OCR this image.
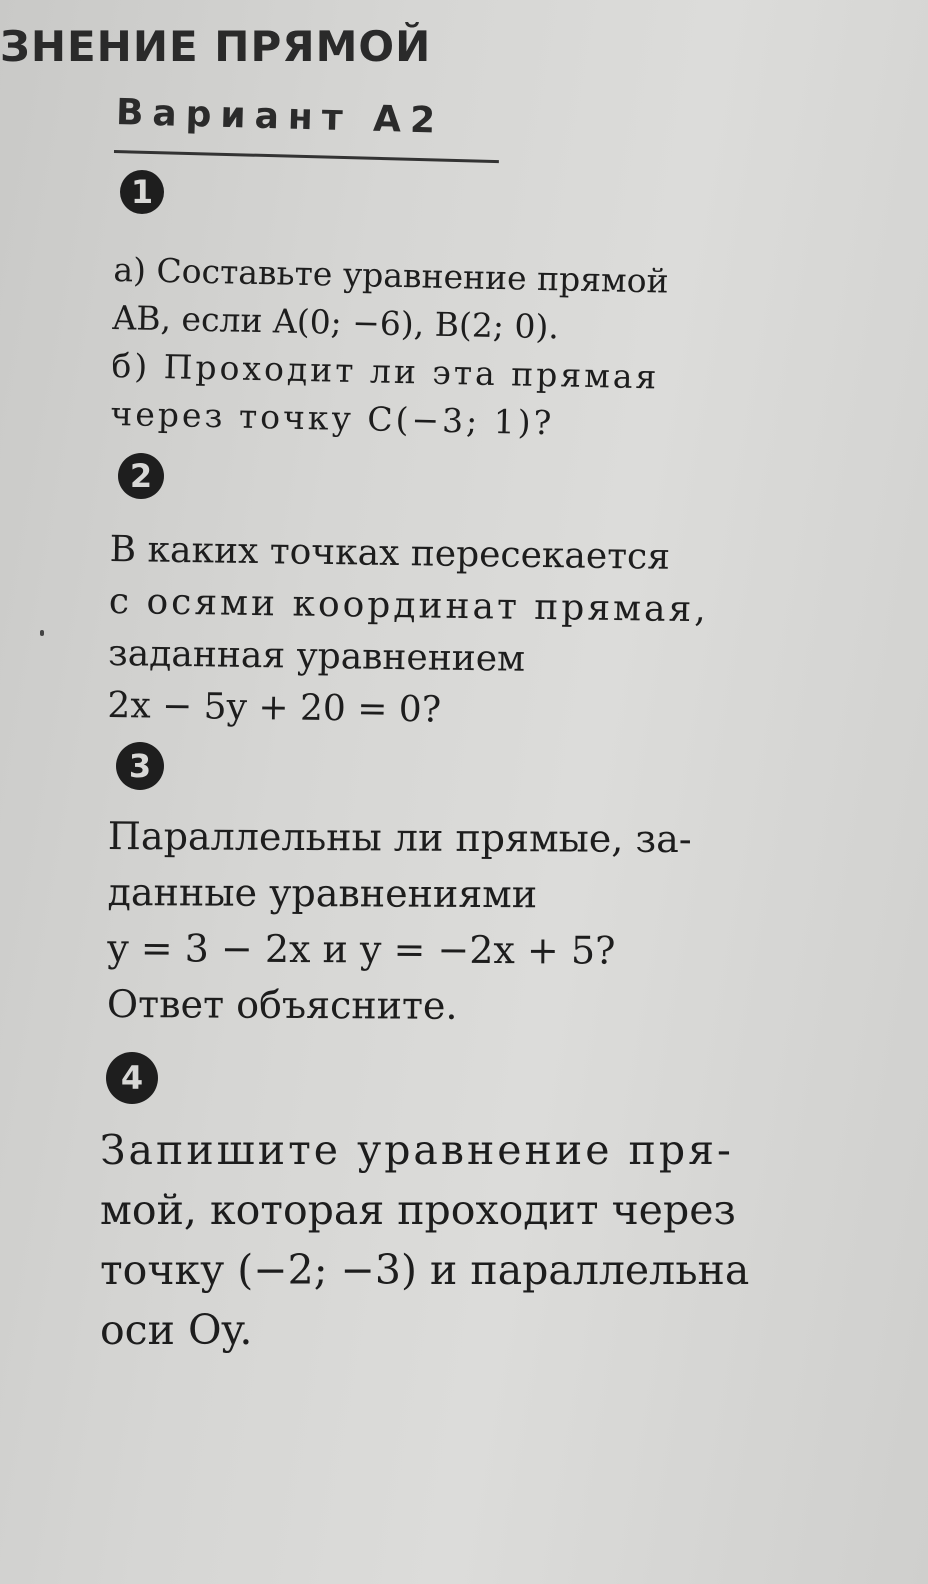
ЗНЕНИЕ ПРЯМОЙ
Вариант А2
1
а) Составьте уравнение прямой
AB, если A(0; −6), B(2; 0).
б) Проходит ли эта прямая
через точку C(−3; 1)?
2
В каких точках пересекается
с осями координат прямая,
заданная уравнением
2x − 5y + 20 = 0?
3
Параллельны ли прямые, за-
данные уравнениями
y = 3 − 2x и y = −2x + 5?
Ответ объясните.
4
Запишите уравнение пря-
мой, которая проходит через
точку (−2; −3) и параллельна
оси Oy.
